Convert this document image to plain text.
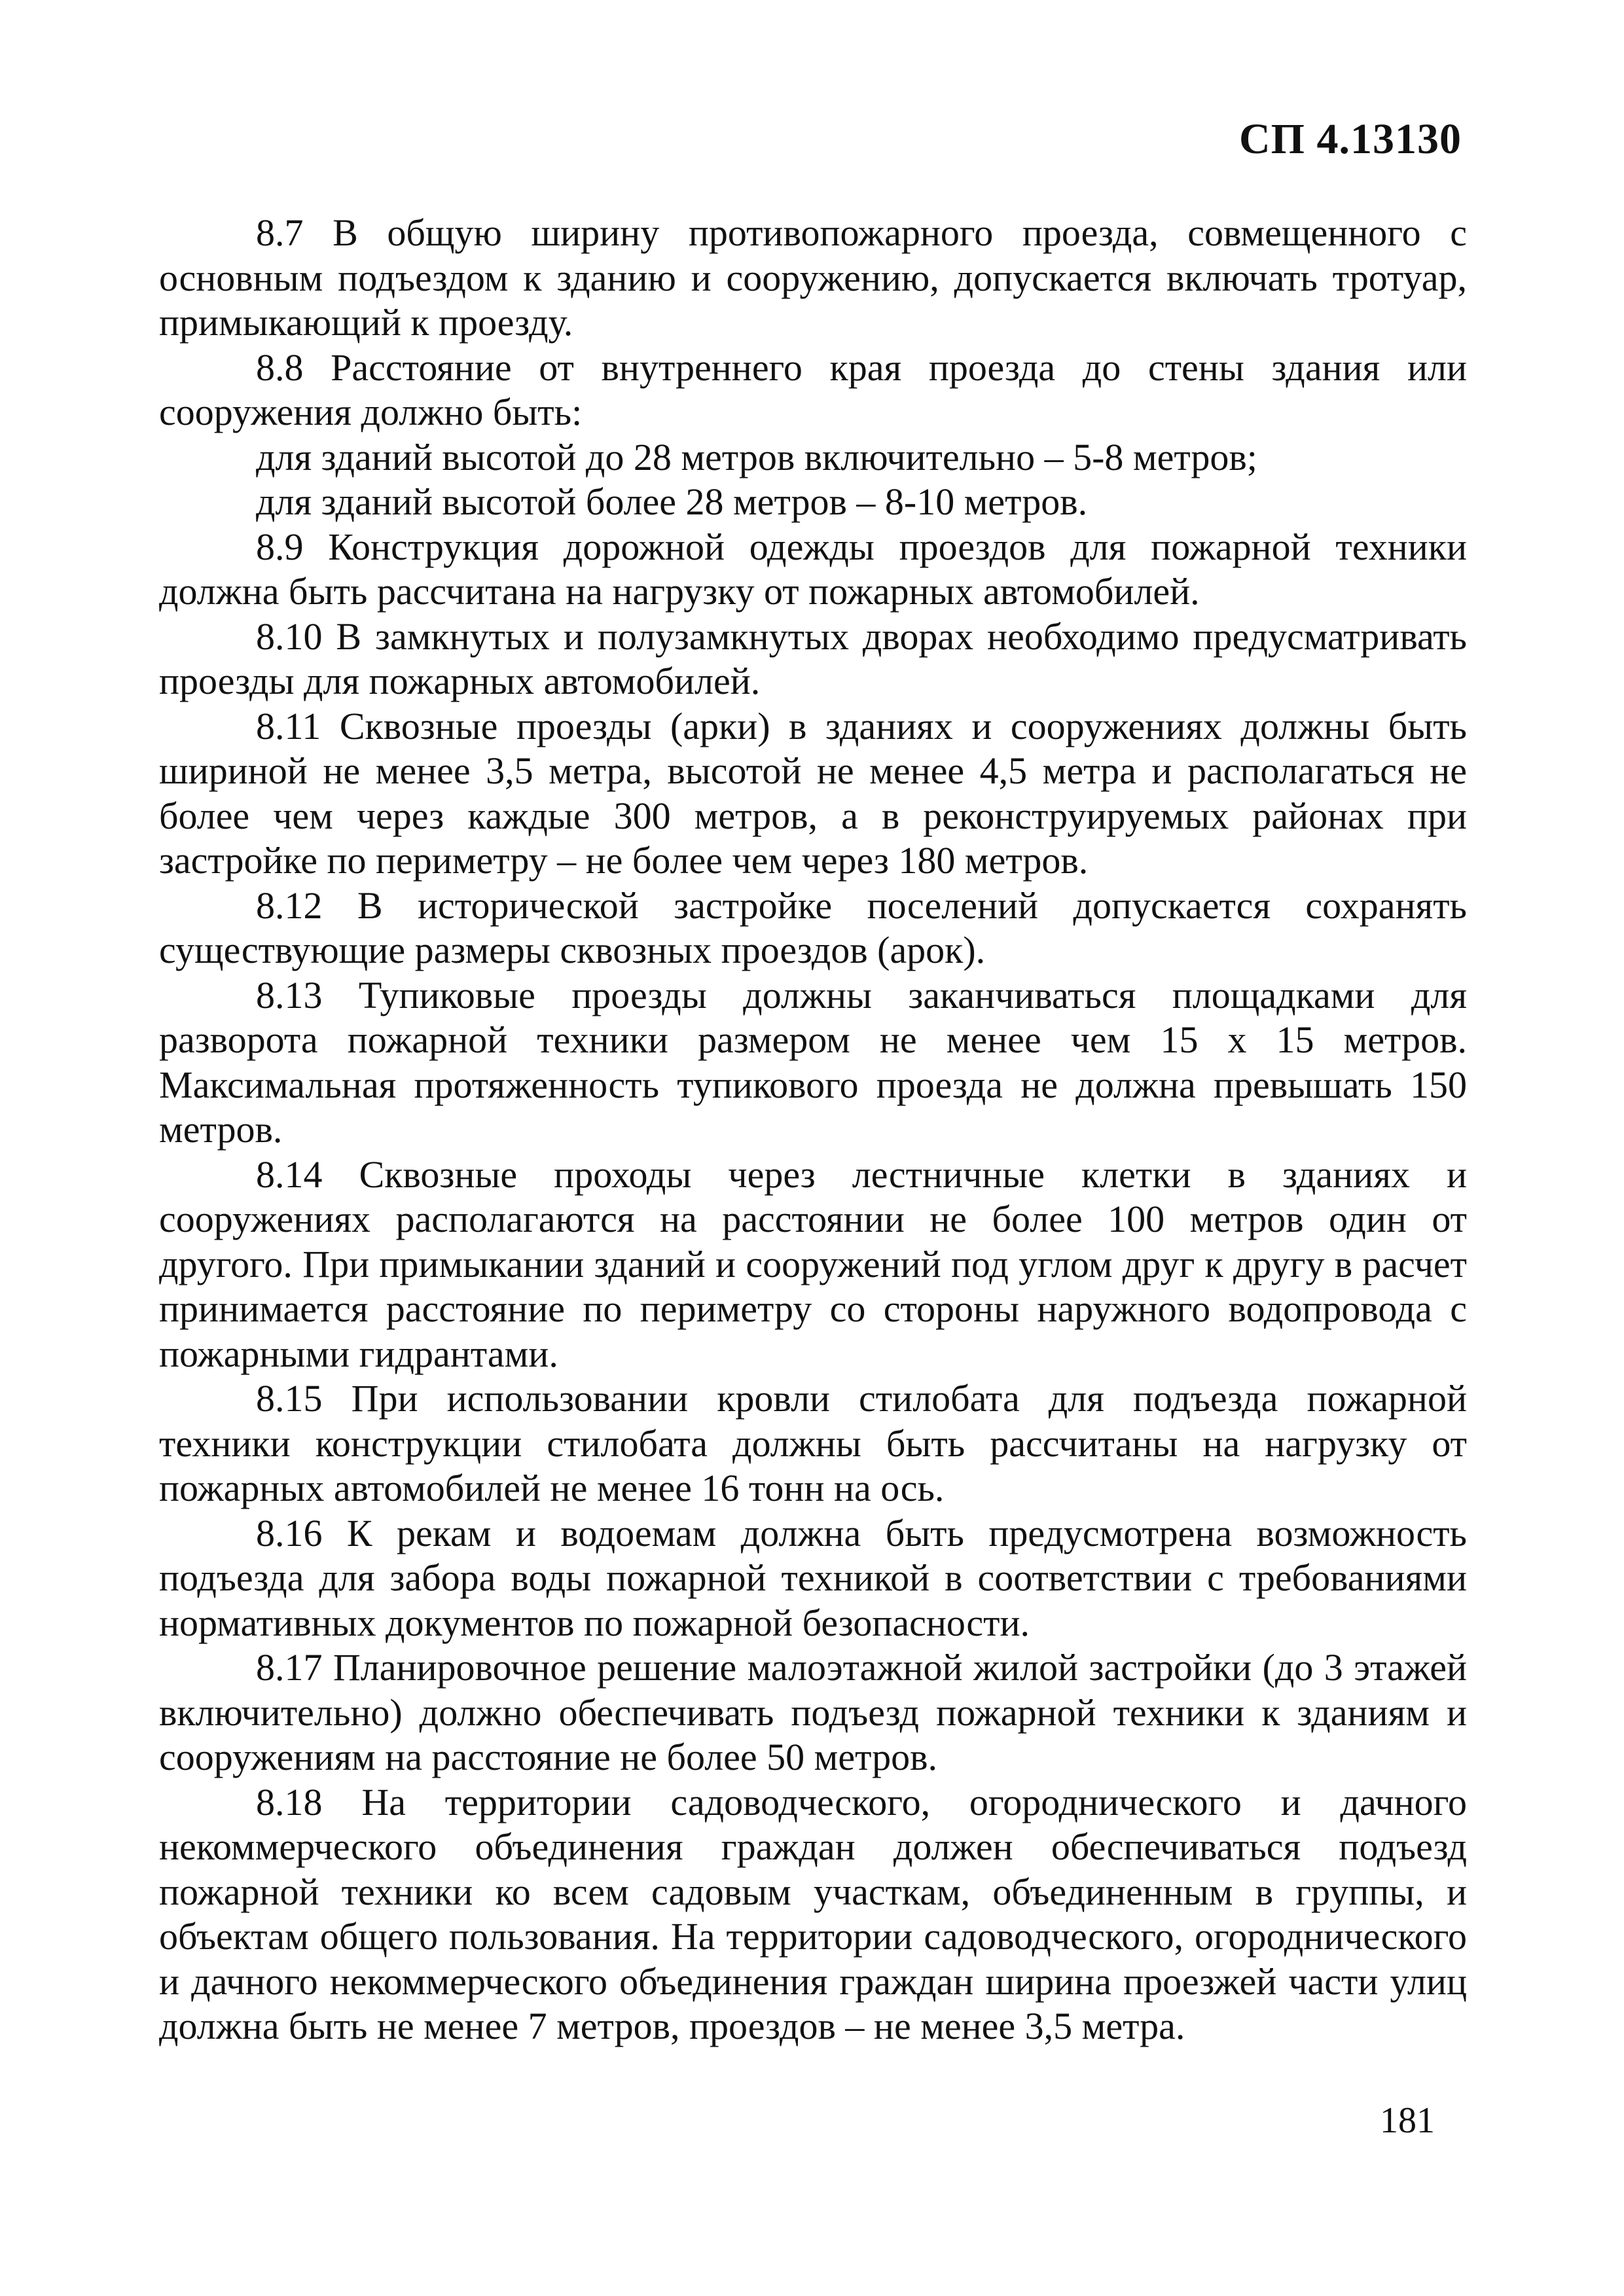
СП 4.13130

8.7 В общую ширину противопожарного проезда, совмещенного с основным подъездом к зданию и сооружению, допускается включать тротуар, примыкающий к проезду.

8.8 Расстояние от внутреннего края проезда до стены здания или сооружения должно быть:

для зданий высотой до 28 метров включительно – 5-8 метров;

для зданий высотой более 28 метров – 8-10 метров.

8.9 Конструкция дорожной одежды проездов для пожарной техники должна быть рассчитана на нагрузку от пожарных автомобилей.

8.10 В замкнутых и полузамкнутых дворах необходимо предусматривать проезды для пожарных автомобилей.

8.11 Сквозные проезды (арки) в зданиях и сооружениях должны быть шириной не менее 3,5 метра, высотой не менее 4,5 метра и располагаться не более чем через каждые 300 метров, а в реконструируемых районах при застройке по периметру – не более чем через 180 метров.

8.12 В исторической застройке поселений допускается сохранять существующие размеры сквозных проездов (арок).

8.13 Тупиковые проезды должны заканчиваться площадками для разворота пожарной техники размером не менее чем 15 х 15 метров. Максимальная протяженность тупикового проезда не должна превышать 150 метров.

8.14 Сквозные проходы через лестничные клетки в зданиях и сооружениях располагаются на расстоянии не более 100 метров один от другого. При примыкании зданий и сооружений под углом друг к другу в расчет принимается расстояние по периметру со стороны наружного водопровода с пожарными гидрантами.

8.15 При использовании кровли стилобата для подъезда пожарной техники конструкции стилобата должны быть рассчитаны на нагрузку от пожарных автомобилей не менее 16 тонн на ось.

8.16 К рекам и водоемам должна быть предусмотрена возможность подъезда для забора воды пожарной техникой в соответствии с требованиями нормативных документов по пожарной безопасности.

8.17 Планировочное решение малоэтажной жилой застройки (до 3 этажей включительно) должно обеспечивать подъезд пожарной техники к зданиям и сооружениям на расстояние не более 50 метров.

8.18 На территории садоводческого, огороднического и дачного некоммерческого объединения граждан должен обеспечиваться подъезд пожарной техники ко всем садовым участкам, объединенным в группы, и объектам общего пользования. На территории садоводческого, огороднического и дачного некоммерческого объединения граждан ширина проезжей части улиц должна быть не менее 7 метров, проездов – не менее 3,5 метра.

181
